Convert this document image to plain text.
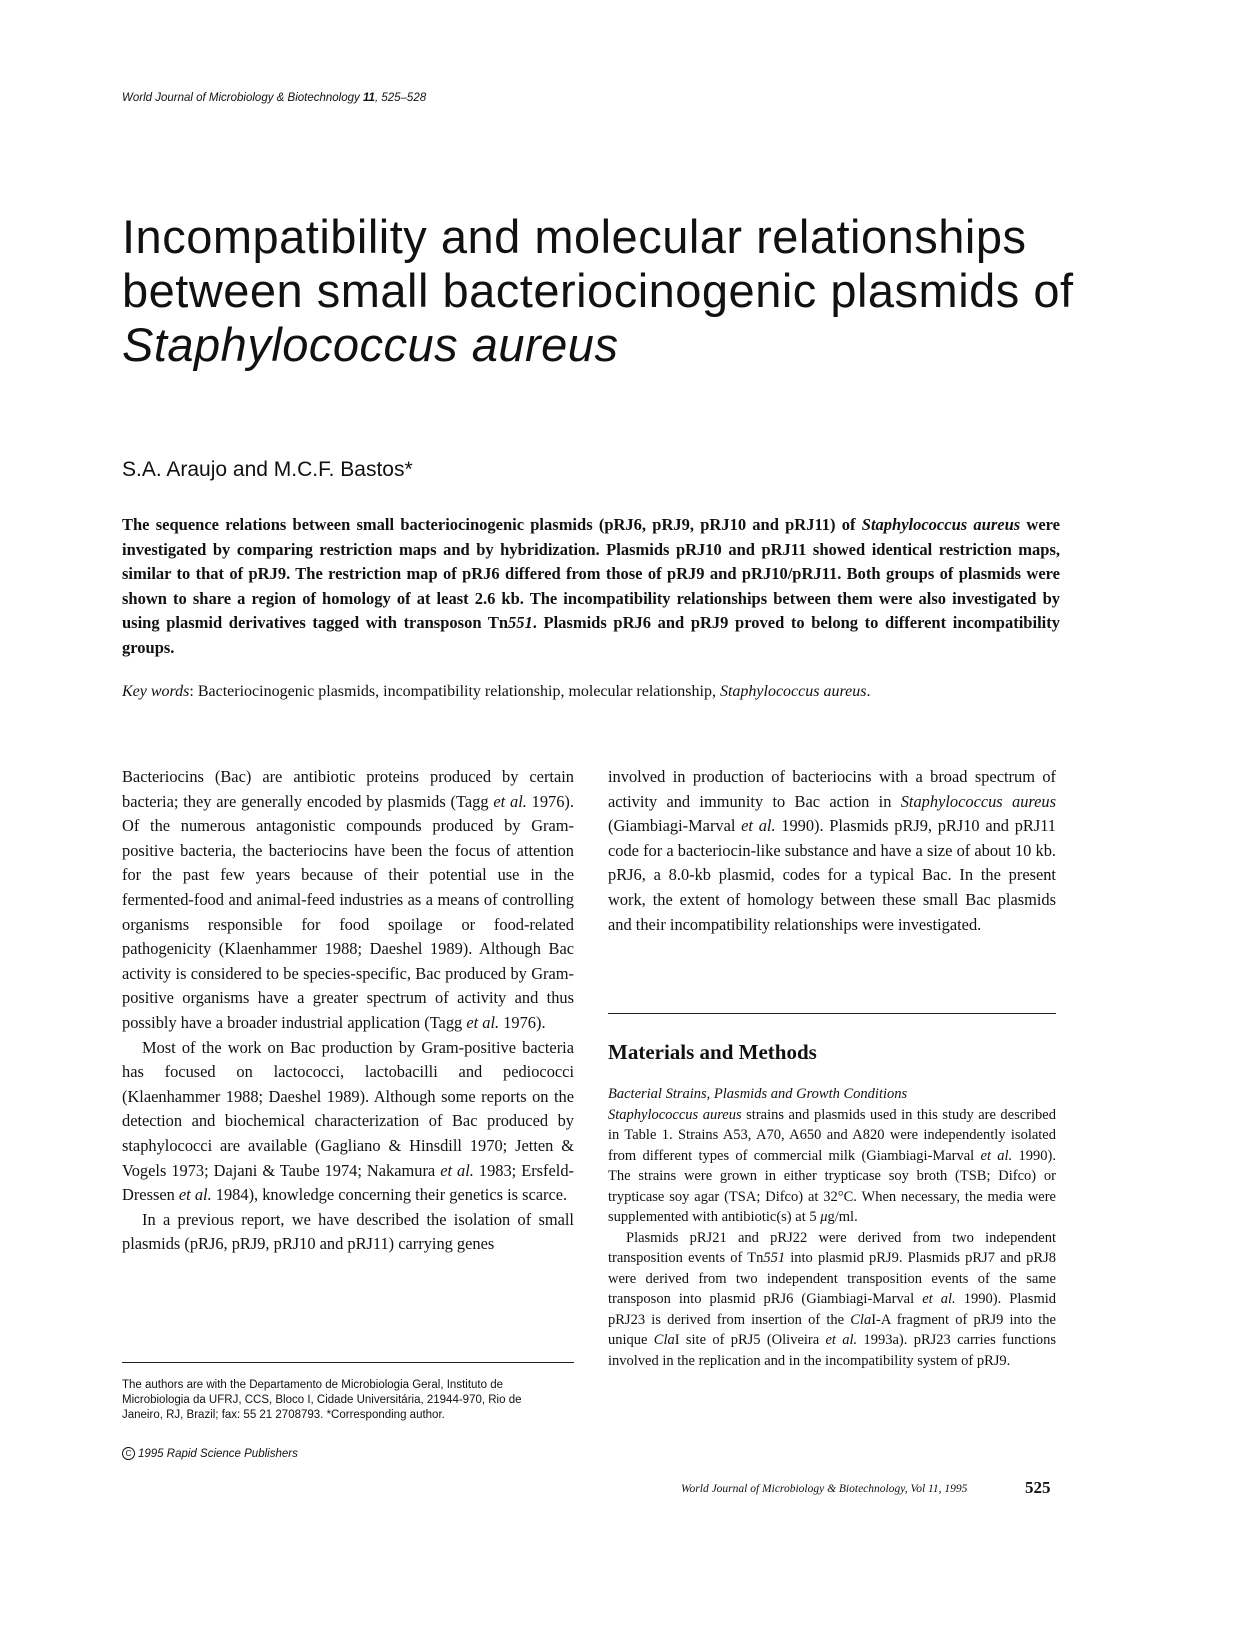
World Journal of Microbiology & Biotechnology 11, 525–528
Incompatibility and molecular relationships between small bacteriocinogenic plasmids of Staphylococcus aureus
S.A. Araujo and M.C.F. Bastos*

The sequence relations between small bacteriocinogenic plasmids (pRJ6, pRJ9, pRJ10 and pRJ11) of Staphylococcus aureus were investigated by comparing restriction maps and by hybridization. Plasmids pRJ10 and pRJ11 showed identical restriction maps, similar to that of pRJ9. The restriction map of pRJ6 differed from those of pRJ9 and pRJ10/pRJ11. Both groups of plasmids were shown to share a region of homology of at least 2.6 kb. The incompatibility relationships between them were also investigated by using plasmid derivatives tagged with transposon Tn551. Plasmids pRJ6 and pRJ9 proved to belong to different incompatibility groups.

Key words: Bacteriocinogenic plasmids, incompatibility relationship, molecular relationship, Staphylococcus aureus.

Bacteriocins (Bac) are antibiotic proteins produced by certain bacteria; they are generally encoded by plasmids (Tagg et al. 1976). Of the numerous antagonistic compounds produced by Gram-positive bacteria, the bacteriocins have been the focus of attention for the past few years because of their potential use in the fermented-food and animal-feed industries as a means of controlling organisms responsible for food spoilage or food-related pathogenicity (Klaenhammer 1988; Daeshel 1989). Although Bac activity is considered to be species-specific, Bac produced by Gram-positive organisms have a greater spectrum of activity and thus possibly have a broader industrial application (Tagg et al. 1976).

Most of the work on Bac production by Gram-positive bacteria has focused on lactococci, lactobacilli and pediococci (Klaenhammer 1988; Daeshel 1989). Although some reports on the detection and biochemical characterization of Bac produced by staphylococci are available (Gagliano & Hinsdill 1970; Jetten & Vogels 1973; Dajani & Taube 1974; Nakamura et al. 1983; Ersfeld-Dressen et al. 1984), knowledge concerning their genetics is scarce.

In a previous report, we have described the isolation of small plasmids (pRJ6, pRJ9, pRJ10 and pRJ11) carrying genes

involved in production of bacteriocins with a broad spectrum of activity and immunity to Bac action in Staphylococcus aureus (Giambiagi-Marval et al. 1990). Plasmids pRJ9, pRJ10 and pRJ11 code for a bacteriocin-like substance and have a size of about 10 kb. pRJ6, a 8.0-kb plasmid, codes for a typical Bac. In the present work, the extent of homology between these small Bac plasmids and their incompatibility relationships were investigated.

Materials and Methods

Bacterial Strains, Plasmids and Growth Conditions

Staphylococcus aureus strains and plasmids used in this study are described in Table 1. Strains A53, A70, A650 and A820 were independently isolated from different types of commercial milk (Giambiagi-Marval et al. 1990). The strains were grown in either trypticase soy broth (TSB; Difco) or trypticase soy agar (TSA; Difco) at 32°C. When necessary, the media were supplemented with antibiotic(s) at 5 μg/ml.

Plasmids pRJ21 and pRJ22 were derived from two independent transposition events of Tn551 into plasmid pRJ9. Plasmids pRJ7 and pRJ8 were derived from two independent transposition events of the same transposon into plasmid pRJ6 (Giambiagi-Marval et al. 1990). Plasmid pRJ23 is derived from insertion of the ClaI-A fragment of pRJ9 into the unique ClaI site of pRJ5 (Oliveira et al. 1993a). pRJ23 carries functions involved in the replication and in the incompatibility system of pRJ9.

The authors are with the Departamento de Microbiologia Geral, Instituto de Microbiologia da UFRJ, CCS, Bloco I, Cidade Universitária, 21944-970, Rio de Janeiro, RJ, Brazil; fax: 55 21 2708793. *Corresponding author.

C 1995 Rapid Science Publishers
World Journal of Microbiology & Biotechnology, Vol 11, 1995	525
